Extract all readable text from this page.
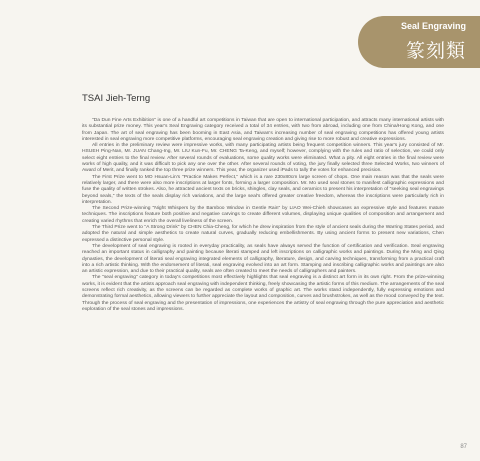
Seal Engraving
篆刻類
TSAI Jieh-Terng

"Da Dun Fine Arts Exhibition" is one of a handful art competitions in Taiwan that are open to international participation, and attracts many international artists with its substantial prize money. This year's Seal Engraving category received a total of 34 entries, with two from abroad, including one from China/Hong Kong, and one from Japan. The art of seal engraving has been booming in East Asia, and Taiwan's increasing number of seal engraving competitions has offered young artists interested in seal engraving more competitive platforms, encouraging seal engraving creation and giving rise to more robust and creative expressions.

All entries in the preliminary review were impressive works, with many participating artists being frequent competition winners. This year's jury consisted of Mr. HSUEH Ping-Nan, Mr. JUAN Chang-Ing, Mr. LIU Kun-Fu, Mr. CHENG Ta-Keng, and myself; however, complying with the rules and ratio of selection, we could only select eight entries to the final review. After several rounds of evaluations, some quality works were eliminated. What a pity. All eight entries in the final review were works of high quality, and it was difficult to pick any one over the other. After several rounds of voting, the jury finally selected three Selected Works, two winners of Award of Merit, and finally ranked the top three prize winners. This year, the organizer used iPads to tally the votes for enhanced precision.

The First Prize went to MO Hsuan-Lin's "Practice Makes Perfect," which is a rare 230x80cm large screen of chops. One main reason was that the seals were relatively larger, and there were also more inscriptions at larger fonts, forming a larger composition. Mr. Mo used seal stones to manifest calligraphic expressions and fuse the quality of written strokes. Also, he attracted ancient texts on bricks, shingles, clay seals, and ceramics to present his interpretation of "seeking seal engravings beyond seals," the texts of the seals display rich variations, and the large seal's offered greater creative freedom, whereas the inscriptions were particularly rich in interpretation.

The Second Prize-winning "Night Whispers by the Bamboo Window in Gentle Rain" by LIAO Wei-Chieh showcases an expressive style and features mature techniques. The inscriptions feature both positive and negative carvings to create different volumes, displaying unique qualities of composition and arrangement and creating varied rhythms that enrich the overall liveliness of the screen.

The Third Prize went to "A Strong Drink" by CHEN Chia-Cheng, for which he drew inspiration from the style of ancient seals during the Warring States period, and adopted the natural and simple aesthetics to create natural curves, gradually reducing embellishments. By using ancient forms to present new variations, Chen expressed a distinctive personal style.

The development of seal engraving is rooted in everyday practicality, as seals have always served the function of certification and verification. Seal engraving reached an important status in calligraphy and painting because literati stamped and left inscriptions on calligraphic works and paintings. During the Ming and Qing dynasties, the development of literati seal engraving integrated elements of calligraphy, literature, design, and carving techniques, transforming from a practical craft into a rich artistic thinking. With the endorsement of literati, seal engraving evolved into an art form. Stamping and inscribing calligraphic works and paintings are also an artistic expression, and due to their practical quality, seals are often created to meet the needs of calligraphers and painters.

The "seal engraving" category in today's competitions most effectively highlights that seal engraving is a distinct art form in its own right. From the prize-winning works, it is evident that the artists approach seal engraving with independent thinking, freely showcasing the artistic forms of this medium. The arrangements of the seal screens reflect rich creativity, as the screens can be regarded as complete works of graphic art. The works stand independently, fully expressing emotions and demonstrating formal aesthetics, allowing viewers to further appreciate the layout and composition, curves and brushstrokes, as well as the mood conveyed by the text. Through the process of seal engraving and the presentation of impressions, one experiences the artistry of seal engraving through the pure appreciation and aesthetic exploration of the seal stones and impressions.

87
